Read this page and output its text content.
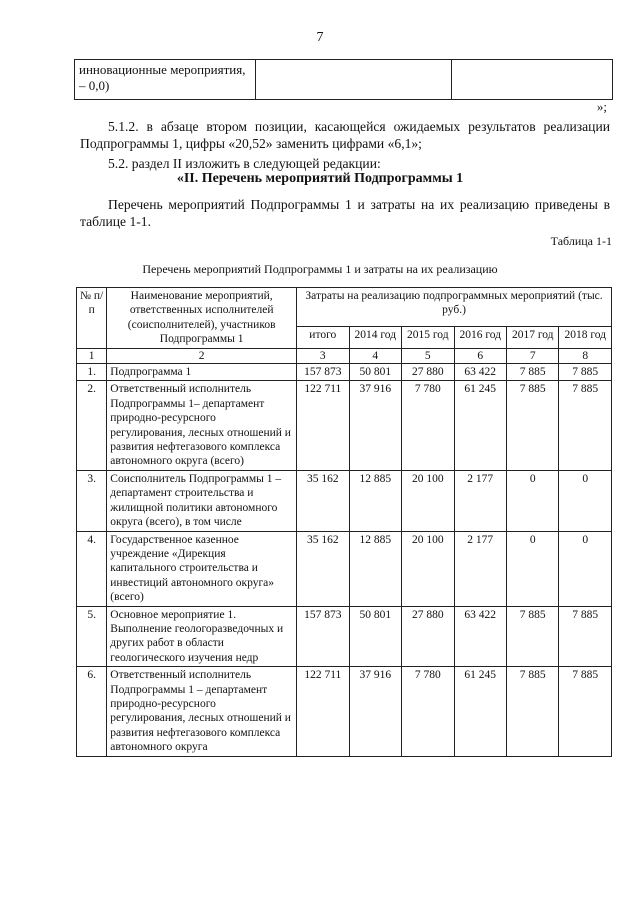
7
инновационные мероприятия, – 0,0)		
»;
5.1.2. в абзаце втором позиции, касающейся ожидаемых результатов реализации Подпрограммы 1, цифры «20,52» заменить цифрами «6,1»;
5.2. раздел II изложить в следующей редакции:
«II. Перечень мероприятий Подпрограммы 1
Перечень мероприятий Подпрограммы 1 и затраты на их реализацию приведены в таблице 1-1.
Таблица 1-1
Перечень мероприятий Подпрограммы 1 и затраты на их реализацию
№ п/п	Наименование мероприятий, ответственных исполнителей (соисполнителей), участников Подпрограммы 1	Затраты на реализацию подпрограммных мероприятий (тыс. руб.)					
		итого	2014 год	2015 год	2016 год	2017 год	2018 год
1	2	3	4	5	6	7	8
1.	Подпрограмма 1	157 873	50 801	27 880	63 422	7 885	7 885
2.	Ответственный исполнитель Подпрограммы 1– департамент природно-ресурсного регулирования, лесных отношений и развития нефтегазового комплекса автономного округа (всего)	122 711	37 916	7 780	61 245	7 885	7 885
3.	Соисполнитель Подпрограммы 1 – департамент строительства и жилищной политики автономного округа (всего), в том числе	35 162	12 885	20 100	2 177	0	0
4.	Государственное казенное учреждение «Дирекция капитального строительства и инвестиций автономного округа» (всего)	35 162	12 885	20 100	2 177	0	0
5.	Основное мероприятие 1. Выполнение геологоразведочных и других работ в области геологического изучения недр	157 873	50 801	27 880	63 422	7 885	7 885
6.	Ответственный исполнитель Подпрограммы 1 – департамент природно-ресурсного регулирования, лесных отношений и развития нефтегазового комплекса автономного округа	122 711	37 916	7 780	61 245	7 885	7 885
